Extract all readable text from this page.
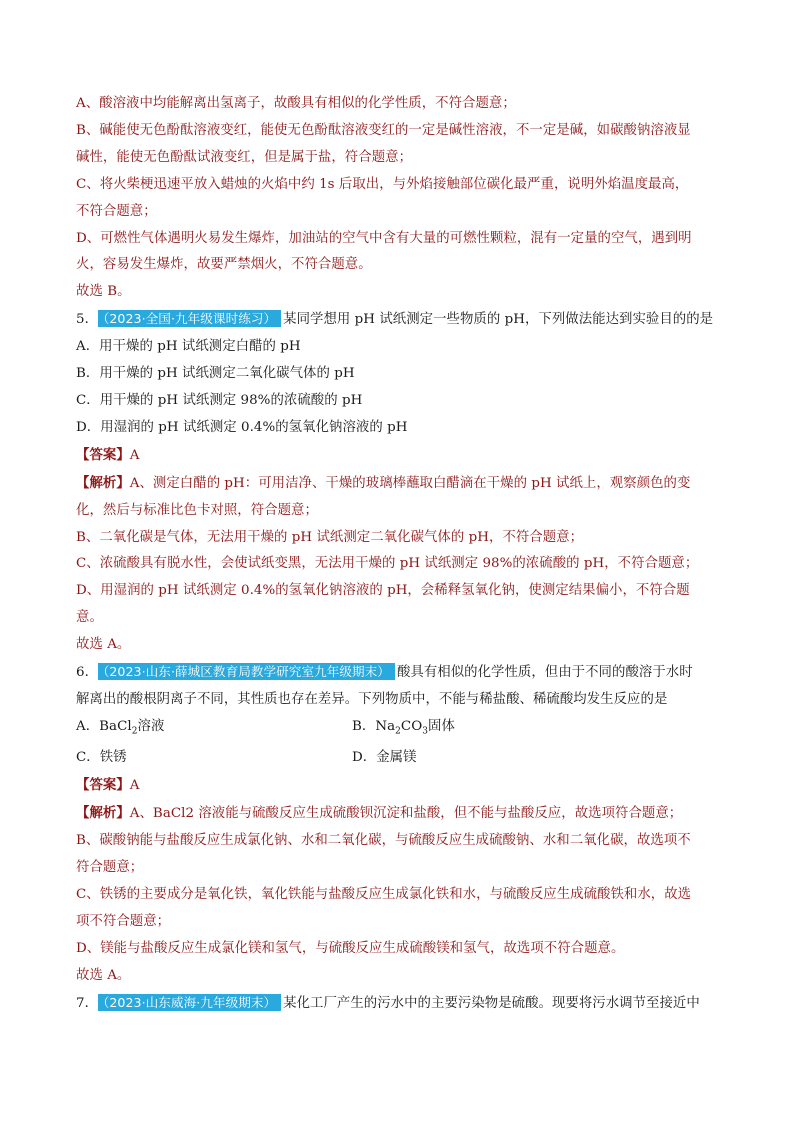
A、酸溶液中均能解离出氢离子，故酸具有相似的化学性质，不符合题意；
B、碱能使无色酚酞溶液变红，能使无色酚酞溶液变红的一定是碱性溶液，不一定是碱，如碳酸钠溶液显
碱性，能使无色酚酞试液变红，但是属于盐，符合题意；
C、将火柴梗迅速平放入蜡烛的火焰中约 1s 后取出，与外焰接触部位碳化最严重，说明外焰温度最高，
不符合题意；
D、可燃性气体遇明火易发生爆炸，加油站的空气中含有大量的可燃性颗粒，混有一定量的空气，遇到明
火，容易发生爆炸，故要严禁烟火，不符合题意。
故选 B。
5． （2023·全国·九年级课时练习） 某同学想用 pH 试纸测定一些物质的 pH，下列做法能达到实验目的的是
A．用干燥的 pH 试纸测定白醋的 pH
B．用干燥的 pH 试纸测定二氧化碳气体的 pH
C．用干燥的 pH 试纸测定 98%的浓硫酸的 pH
D．用湿润的 pH 试纸测定 0.4%的氢氧化钠溶液的 pH
【答案】A
【解析】A、测定白醋的 pH：可用洁净、干燥的玻璃棒蘸取白醋滴在干燥的 pH 试纸上，观察颜色的变
化，然后与标准比色卡对照，符合题意；
B、二氧化碳是气体，无法用干燥的 pH 试纸测定二氧化碳气体的 pH，不符合题意；
C、浓硫酸具有脱水性，会使试纸变黑，无法用干燥的 pH 试纸测定 98%的浓硫酸的 pH，不符合题意；
D、用湿润的 pH 试纸测定 0.4%的氢氧化钠溶液的 pH，会稀释氢氧化钠，使测定结果偏小，不符合题
意。
故选 A。
6． （2023·山东·薛城区教育局教学研究室九年级期末） 酸具有相似的化学性质，但由于不同的酸溶于水时
解离出的酸根阴离子不同，其性质也存在差异。下列物质中，不能与稀盐酸、稀硫酸均发生反应的是
A．BaCl$_2$溶液	B．$Na_2CO_3$固体
C．铁锈	D．金属镁
【答案】A
【解析】A、BaCl2 溶液能与硫酸反应生成硫酸钡沉淀和盐酸，但不能与盐酸反应，故选项符合题意；
B、碳酸钠能与盐酸反应生成氯化钠、水和二氧化碳，与硫酸反应生成硫酸钠、水和二氧化碳，故选项不
符合题意；
C、铁锈的主要成分是氧化铁，氧化铁能与盐酸反应生成氯化铁和水，与硫酸反应生成硫酸铁和水，故选
项不符合题意；
D、镁能与盐酸反应生成氯化镁和氢气，与硫酸反应生成硫酸镁和氢气，故选项不符合题意。
故选 A。
7． （2023·山东威海·九年级期末） 某化工厂产生的污水中的主要污染物是硫酸。现要将污水调节至接近中
